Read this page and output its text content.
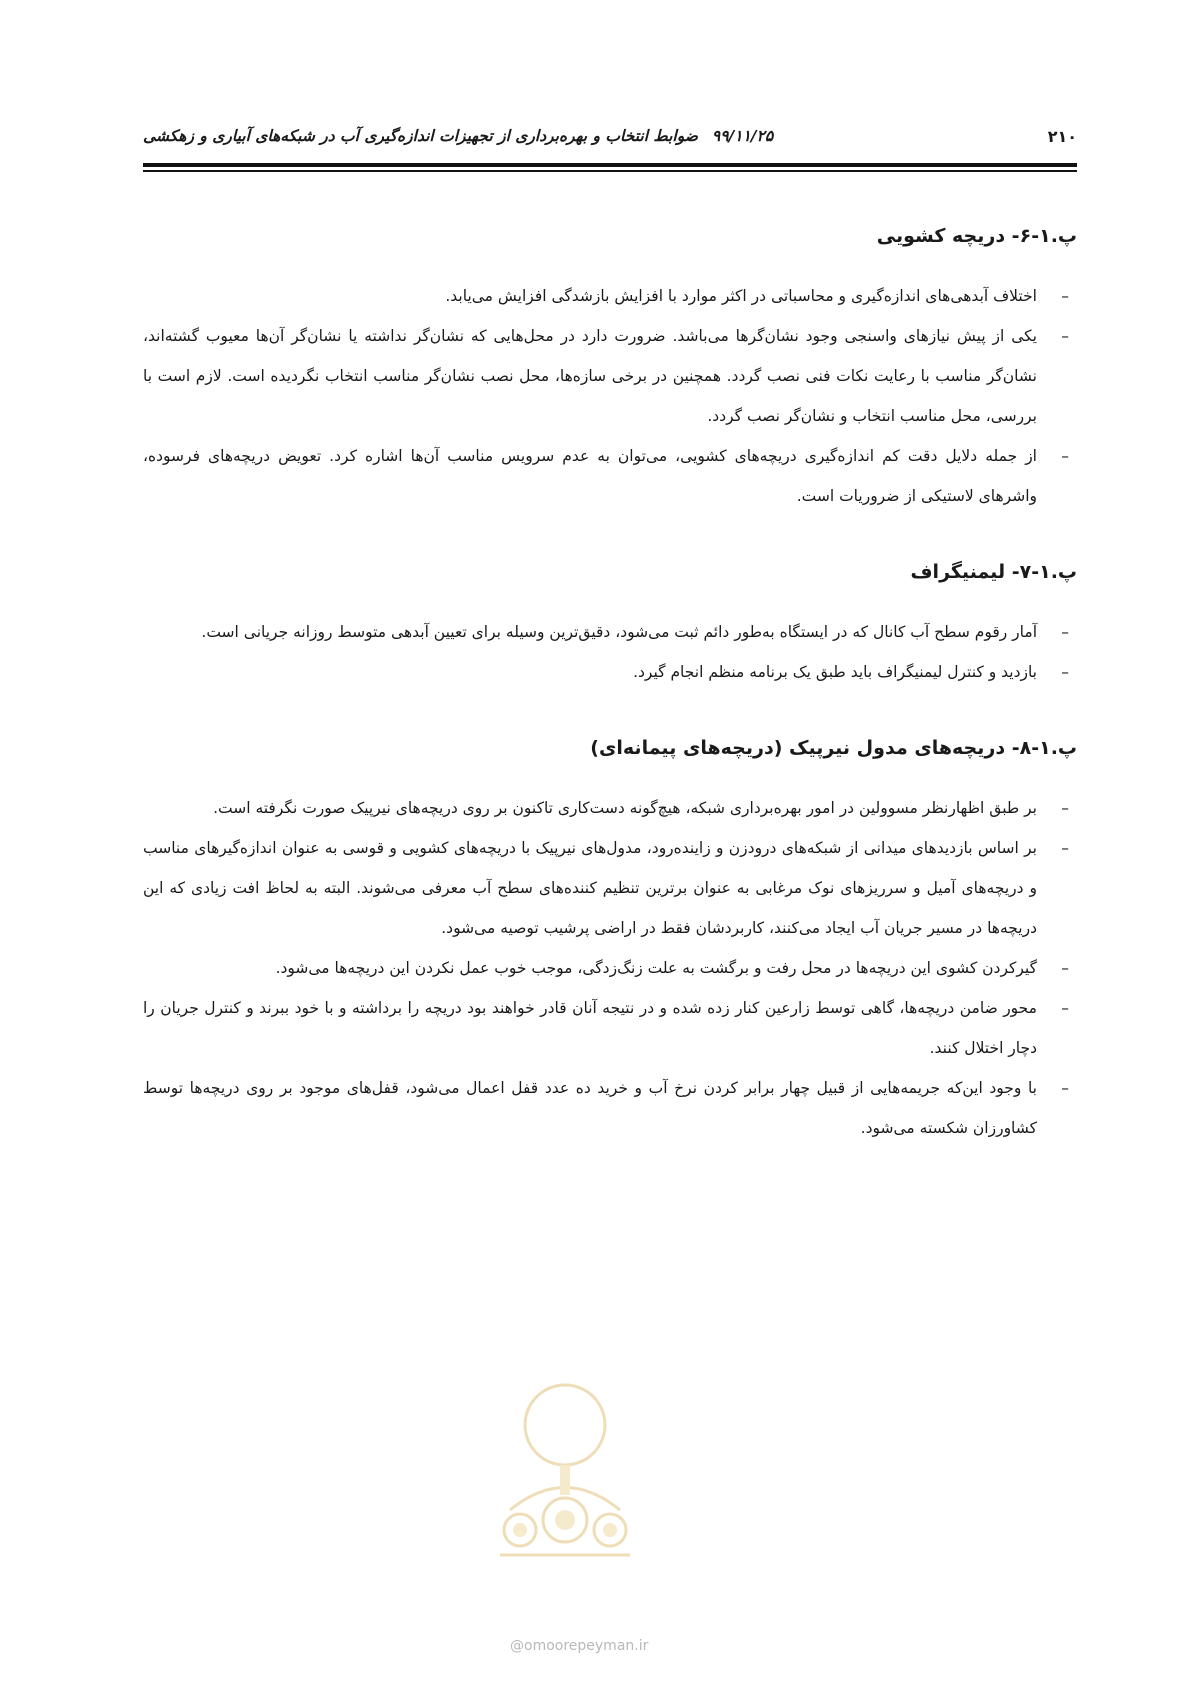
۲۱۰
۹۹/۱۱/۲۵ضوابط انتخاب و بهره‌برداری از تجهیزات اندازه‌گیری آب در شبکه‌های آبیاری و زهکشی
پ.۱-۶- دریچه کشویی
–
اختلاف آبدهی‌های اندازه‌گیری و محاسباتی در اکثر موارد با افزایش بازشدگی افزایش می‌یابد.
–
یکی از پیش نیازهای واسنجی وجود نشان‌گرها می‌باشد. ضرورت دارد در محل‌هایی که نشان‌گر نداشته یا نشان‌گر آن‌ها معیوب گشته‌اند، نشان‌گر مناسب با رعایت نکات فنی نصب گردد. همچنین در برخی سازه‌ها، محل نصب نشان‌گر مناسب انتخاب نگردیده است. لازم است با بررسی، محل مناسب انتخاب و نشان‌گر نصب گردد.
–
از جمله دلایل دقت کم اندازه‌گیری دریچه‌های کشویی، می‌توان به عدم سرویس مناسب آن‌ها اشاره کرد. تعویض دریچه‌های فرسوده، واشرهای لاستیکی از ضروریات است.
پ.۱-۷- لیمنیگراف
–
آمار رقوم سطح آب کانال که در ایستگاه به‌طور دائم ثبت می‌شود، دقیق‌ترین وسیله برای تعیین آبدهی متوسط روزانه جریانی است.
–
بازدید و کنترل لیمنیگراف باید طبق یک برنامه منظم انجام گیرد.
پ.۱-۸- دریچه‌های مدول نیرپیک (دریچه‌های پیمانه‌ای)
–
بر طبق اظهارنظر مسوولین در امور بهره‌برداری شبکه، هیچ‌گونه دست‌کاری تاکنون بر روی دریچه‌های نیرپیک صورت نگرفته است.
–
بر اساس بازدیدهای میدانی از شبکه‌های درودزن و زاینده‌رود، مدول‌های نیرپیک با دریچه‌های کشویی و قوسی به عنوان اندازه‌گیرهای مناسب و دریچه‌های آمیل و سرریزهای نوک مرغابی به عنوان برترین تنظیم کننده‌های سطح آب معرفی می‌شوند. البته به لحاظ افت زیادی که این دریچه‌ها در مسیر جریان آب ایجاد می‌کنند، کاربردشان فقط در اراضی پرشیب توصیه می‌شود.
–
گیرکردن کشوی این دریچه‌ها در محل رفت و برگشت به علت زنگ‌زدگی، موجب خوب عمل نکردن این دریچه‌ها می‌شود.
–
محور ضامن دریچه‌ها، گاهی توسط زارعین کنار زده شده و در نتیجه آنان قادر خواهند بود دریچه را برداشته و با خود ببرند و کنترل جریان را دچار اختلال کنند.
–
با وجود این‌که جریمه‌هایی از قبیل چهار برابر کردن نرخ آب و خرید ده عدد قفل اعمال می‌شود، قفل‌های موجود بر روی دریچه‌ها توسط کشاورزان شکسته می‌شود.
@omoorepeyman.ir
